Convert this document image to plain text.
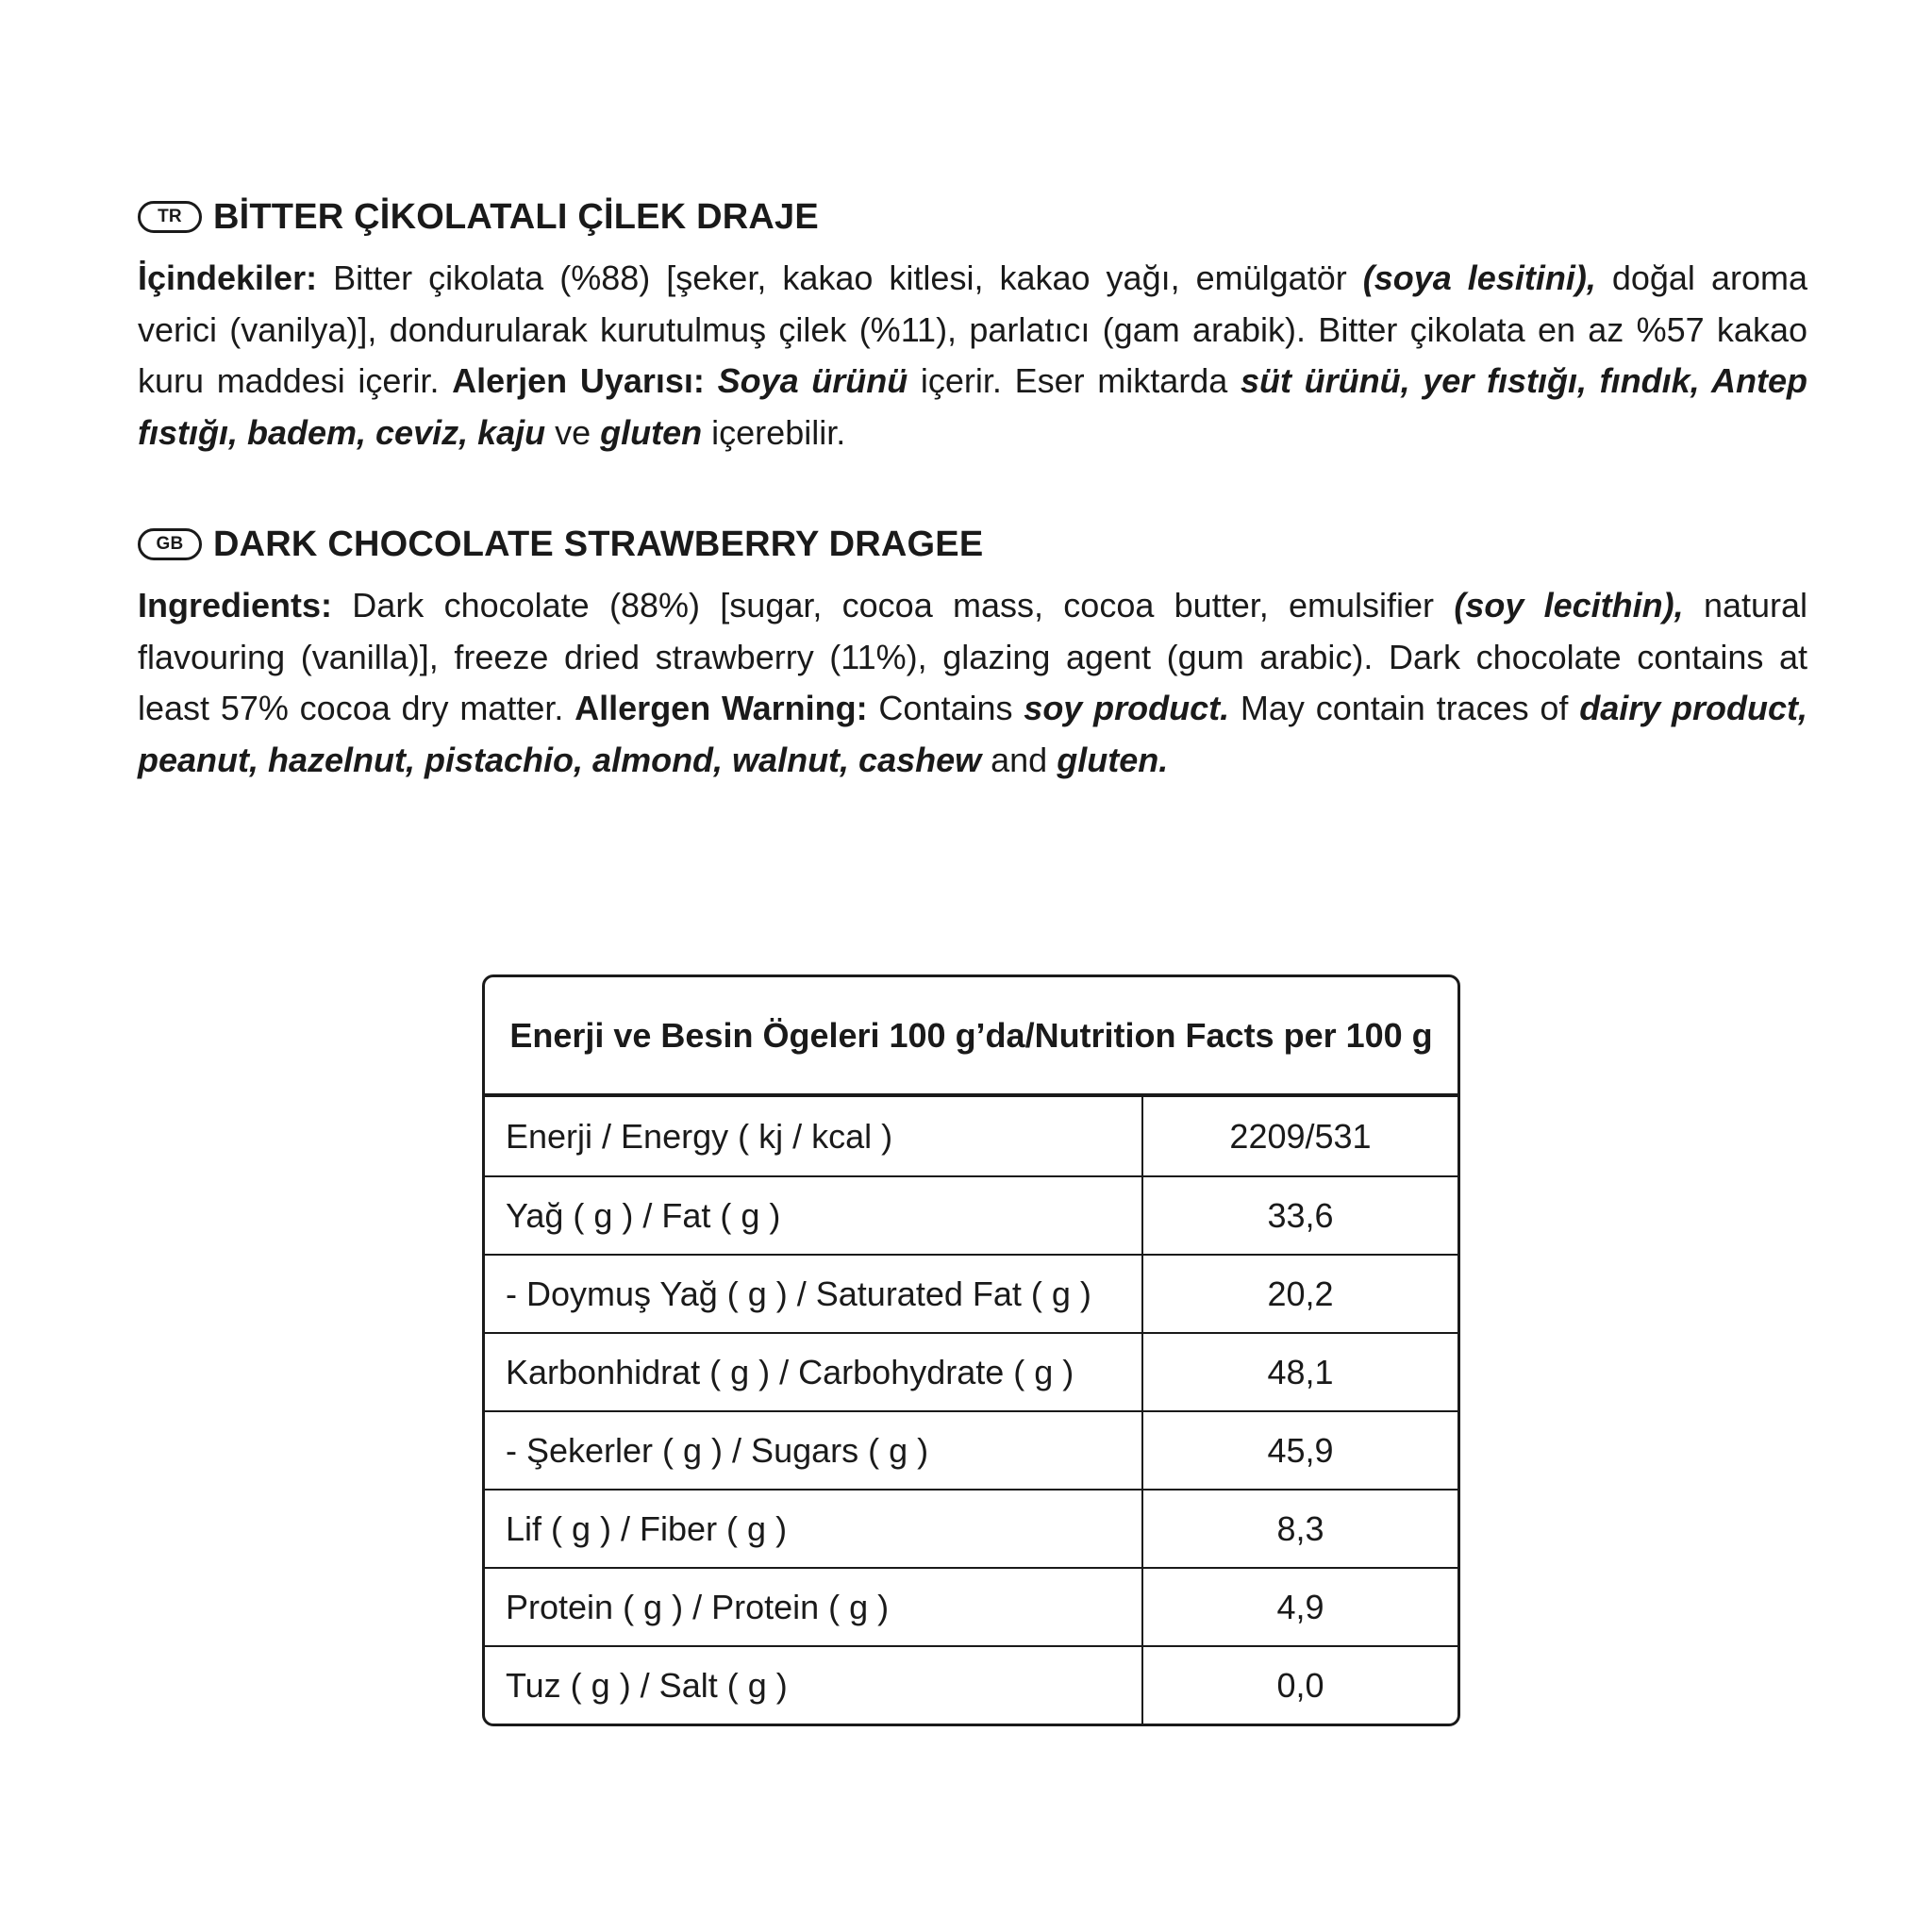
TR BİTTER ÇİKOLATALI ÇİLEK DRAJE
İçindekiler: Bitter çikolata (%88) [şeker, kakao kitlesi, kakao yağı, emülgatör (soya lesitini), doğal aroma verici (vanilya)], dondurularak kurutulmuş çilek (%11), parlatıcı (gam arabik). Bitter çikolata en az %57 kakao kuru maddesi içerir. Alerjen Uyarısı: Soya ürünü içerir. Eser miktarda süt ürünü, yer fıstığı, fındık, Antep fıstığı, badem, ceviz, kaju ve gluten içerebilir.
GB DARK CHOCOLATE STRAWBERRY DRAGEE
Ingredients: Dark chocolate (88%) [sugar, cocoa mass, cocoa butter, emulsifier (soy lecithin), natural flavouring (vanilla)], freeze dried strawberry (11%), glazing agent (gum arabic). Dark chocolate contains at least 57% cocoa dry matter. Allergen Warning: Contains soy product. May contain traces of dairy product, peanut, hazelnut, pistachio, almond, walnut, cashew and gluten.
Enerji ve Besin Ögeleri 100 g’da/Nutrition Facts per 100 g
Enerji / Energy ( kj / kcal )	2209/531
Yağ ( g ) / Fat ( g )	33,6
- Doymuş Yağ ( g ) / Saturated Fat ( g )	20,2
Karbonhidrat ( g ) / Carbohydrate ( g )	48,1
- Şekerler ( g ) / Sugars ( g )	45,9
Lif ( g ) / Fiber ( g )	8,3
Protein ( g ) / Protein ( g )	4,9
Tuz ( g ) / Salt ( g )	0,0
